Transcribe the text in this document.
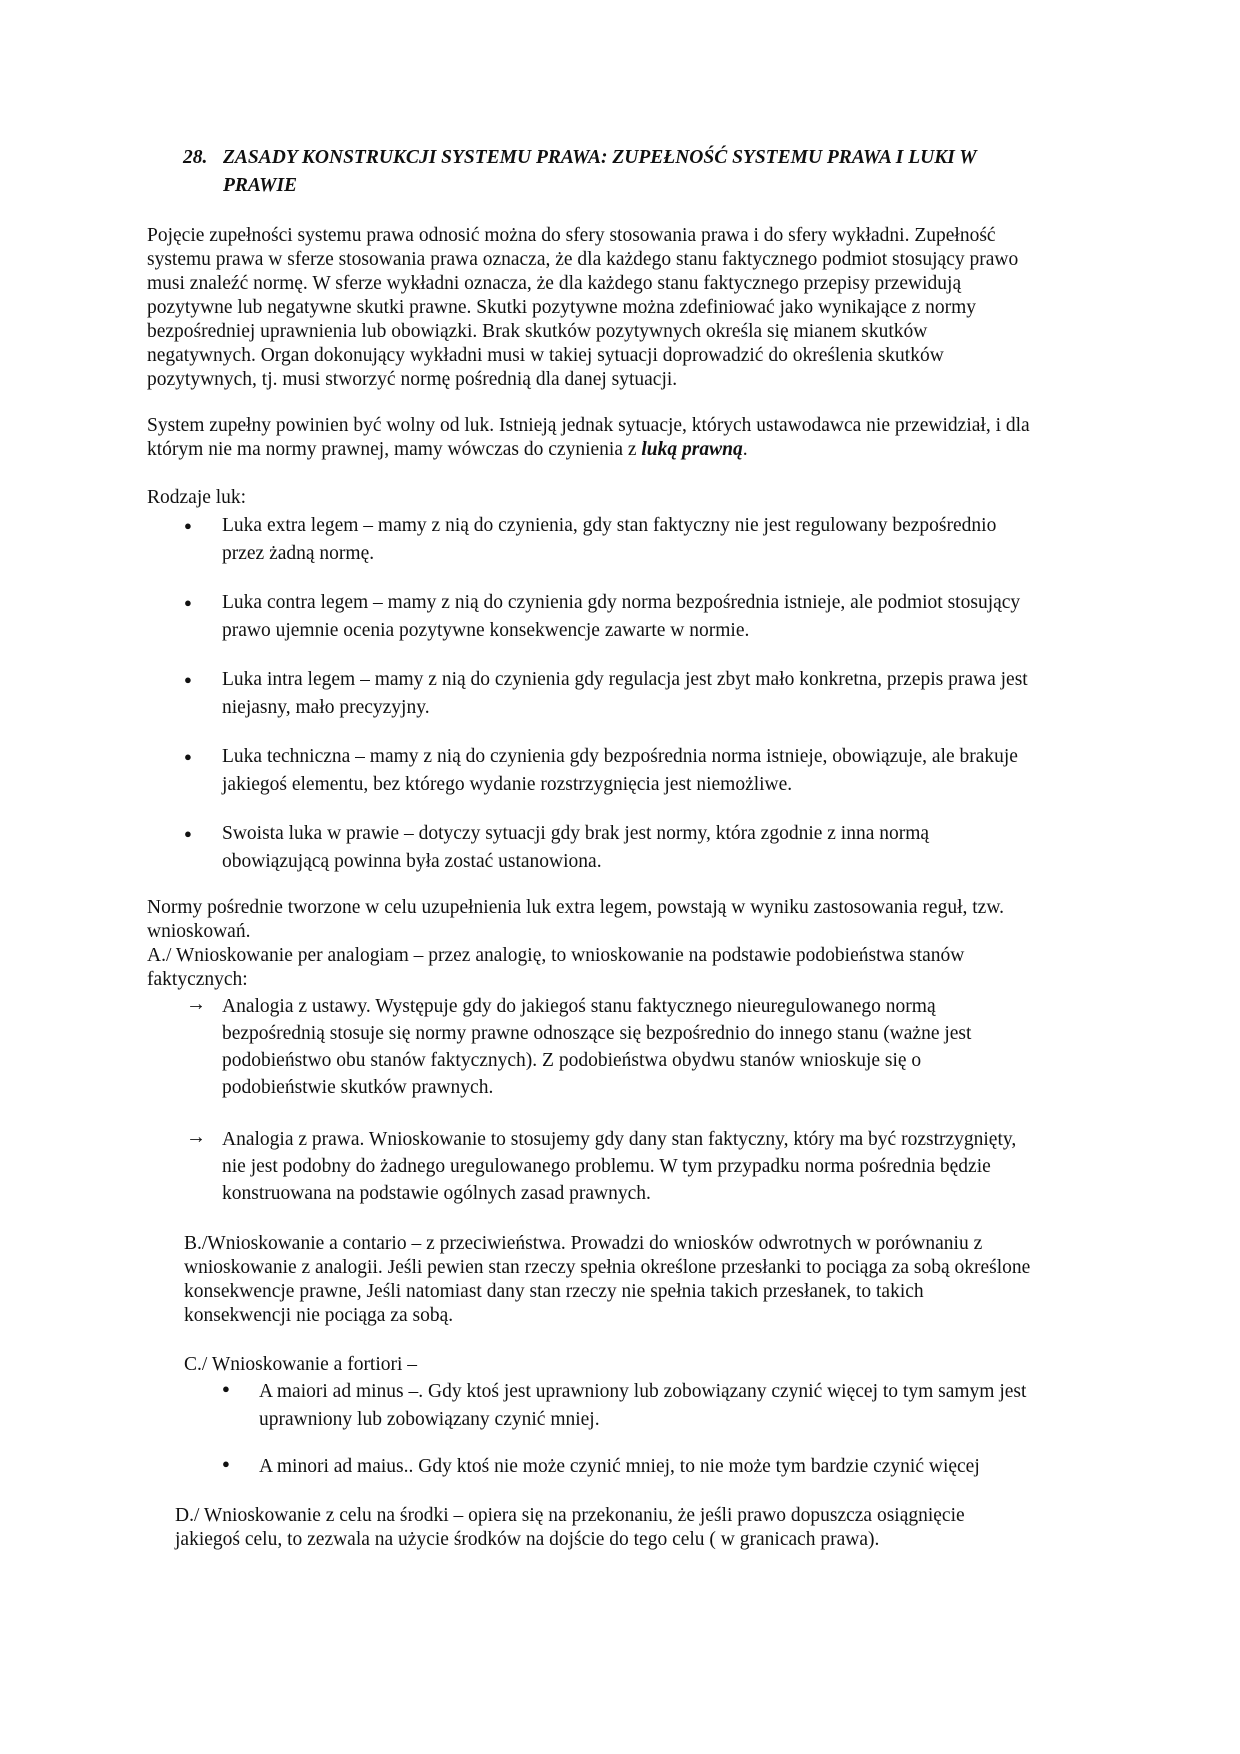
28. ZASADY KONSTRUKCJI SYSTEMU PRAWA: ZUPEŁNOŚĆ SYSTEMU PRAWA I LUKI W
PRAWIE
Pojęcie zupełności systemu prawa odnosić można do sfery stosowania prawa i do sfery wykładni. Zupełność
systemu prawa w sferze stosowania prawa oznacza, że dla każdego stanu faktycznego podmiot stosujący prawo
musi znaleźć normę. W sferze wykładni oznacza, że dla każdego stanu faktycznego przepisy przewidują
pozytywne lub negatywne skutki prawne. Skutki pozytywne można zdefiniować jako wynikające z normy
bezpośredniej uprawnienia lub obowiązki. Brak skutków pozytywnych określa się mianem skutków
negatywnych. Organ dokonujący wykładni musi w takiej sytuacji doprowadzić do określenia skutków
pozytywnych, tj. musi stworzyć normę pośrednią dla danej sytuacji.
System zupełny powinien być wolny od luk. Istnieją jednak sytuacje, których ustawodawca nie przewidział, i dla
którym nie ma normy prawnej, mamy wówczas do czynienia z luką prawną.
Rodzaje luk:
●	Luka extra legem – mamy z nią do czynienia, gdy stan faktyczny nie jest regulowany bezpośrednio
przez żadną normę.
●	Luka contra legem – mamy z nią do czynienia gdy norma bezpośrednia istnieje, ale podmiot stosujący
prawo ujemnie ocenia pozytywne konsekwencje zawarte w normie.
●	Luka intra legem – mamy z nią do czynienia gdy regulacja jest zbyt mało konkretna, przepis prawa jest
niejasny, mało precyzyjny.
●	Luka techniczna – mamy z nią do czynienia gdy bezpośrednia norma istnieje, obowiązuje, ale brakuje
jakiegoś elementu, bez którego wydanie rozstrzygnięcia jest niemożliwe.
●	Swoista luka w prawie – dotyczy sytuacji gdy brak jest normy, która zgodnie z inna normą
obowiązującą powinna była zostać ustanowiona.
Normy pośrednie tworzone w celu uzupełnienia luk extra legem, powstają w wyniku zastosowania reguł, tzw.
wnioskowań.
A./ Wnioskowanie per analogiam – przez analogię, to wnioskowanie na podstawie podobieństwa stanów
faktycznych:
→ Analogia z ustawy. Występuje gdy do jakiegoś stanu faktycznego nieuregulowanego normą
bezpośrednią stosuje się normy prawne odnoszące się bezpośrednio do innego stanu (ważne jest
podobieństwo obu stanów faktycznych). Z podobieństwa obydwu stanów wnioskuje się o
podobieństwie skutków prawnych.
→ Analogia z prawa. Wnioskowanie to stosujemy gdy dany stan faktyczny, który ma być rozstrzygnięty,
nie jest podobny do żadnego uregulowanego problemu. W tym przypadku norma pośrednia będzie
konstruowana na podstawie ogólnych zasad prawnych.
B./Wnioskowanie a contario – z przeciwieństwa. Prowadzi do wniosków odwrotnych w porównaniu z
wnioskowanie z analogii. Jeśli pewien stan rzeczy spełnia określone przesłanki to pociąga za sobą określone
konsekwencje prawne, Jeśli natomiast dany stan rzeczy nie spełnia takich przesłanek, to takich
konsekwencji nie pociąga za sobą.
C./ Wnioskowanie a fortiori –
● A maiori ad minus –. Gdy ktoś jest uprawniony lub zobowiązany czynić więcej to tym samym jest
uprawniony lub zobowiązany czynić mniej.
● A minori ad maius.. Gdy ktoś nie może czynić mniej, to nie może tym bardzie czynić więcej
D./ Wnioskowanie z celu na środki – opiera się na przekonaniu, że jeśli prawo dopuszcza osiągnięcie
jakiegoś celu, to zezwala na użycie środków na dojście do tego celu ( w granicach prawa).
